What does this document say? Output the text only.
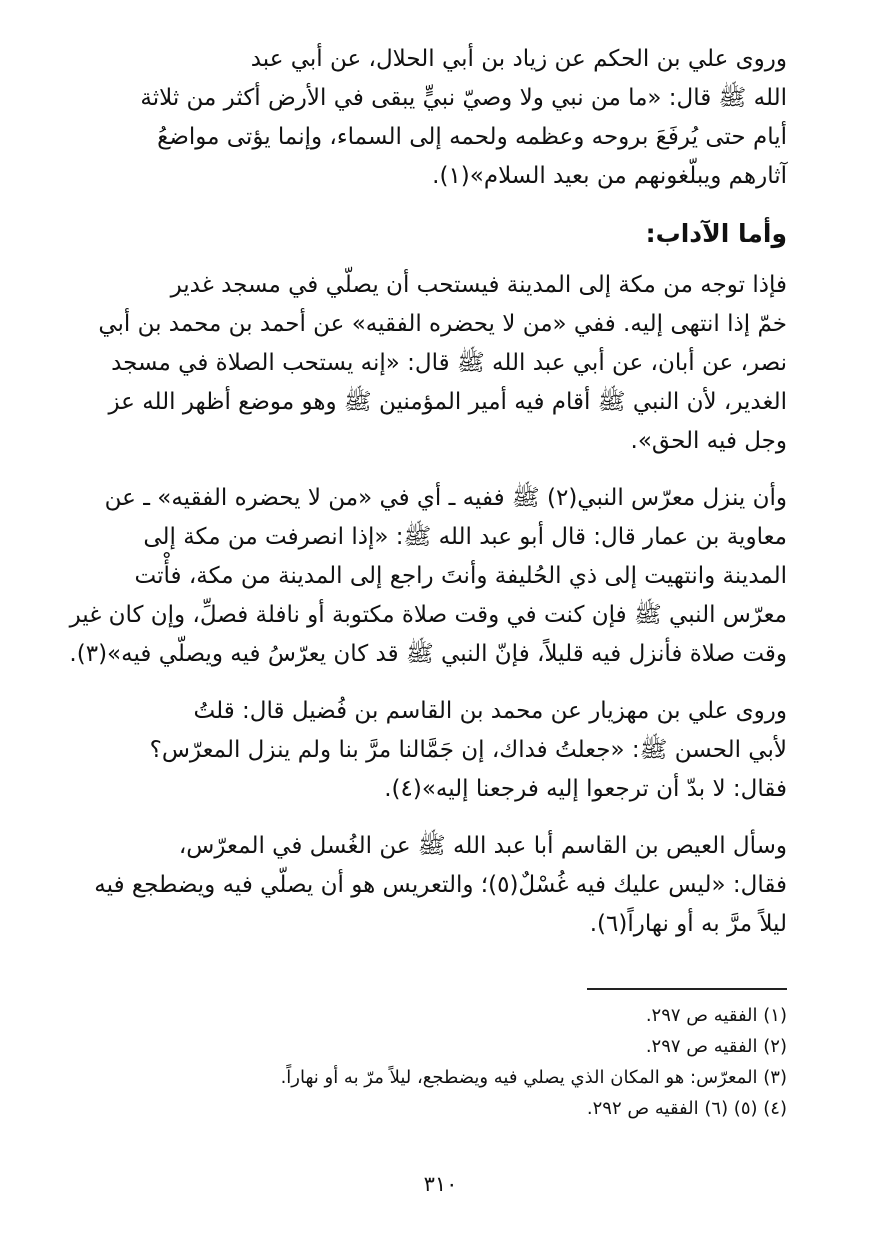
وروى علي بن الحكم عن زياد بن أبي الحلال، عن أبي عبد
الله ﷺ قال: «ما من نبي ولا وصيّ نبيٍّ يبقى في الأرض أكثر من ثلاثة
أيام حتى يُرفَعَ بروحه وعظمه ولحمه إلى السماء، وإنما يؤتى مواضعُ
آثارهم ويبلّغونهم من بعيد السلام»(١).

وأما الآداب:

فإذا توجه من مكة إلى المدينة فيستحب أن يصلّي في مسجد غدير
خمّ إذا انتهى إليه. ففي «من لا يحضره الفقيه» عن أحمد بن محمد بن أبي
نصر، عن أبان، عن أبي عبد الله ﷺ قال: «إنه يستحب الصلاة في مسجد
الغدير، لأن النبي ﷺ أقام فيه أمير المؤمنين ﷺ وهو موضع أظهر الله عز
وجل فيه الحق».

وأن ينزل معرّس النبي(٢) ﷺ ففيه ـ أي في «من لا يحضره الفقيه» ـ عن
معاوية بن عمار قال: قال أبو عبد الله ﷺ: «إذا انصرفت من مكة إلى
المدينة وانتهيت إلى ذي الحُليفة وأنتَ راجع إلى المدينة من مكة، فأْتت
معرّس النبي ﷺ فإن كنت في وقت صلاة مكتوبة أو نافلة فصلِّ، وإن كان غير
وقت صلاة فأنزل فيه قليلاً، فإنّ النبي ﷺ قد كان يعرّسُ فيه ويصلّي فيه»(٣).

وروى علي بن مهزيار عن محمد بن القاسم بن فُضيل قال: قلتُ
لأبي الحسن ﷺ: «جعلتُ فداك، إن جَمَّالنا مرَّ بنا ولم ينزل المعرّس؟
فقال: لا بدّ أن ترجعوا إليه فرجعنا إليه»(٤).

وسأل العيص بن القاسم أبا عبد الله ﷺ عن الغُسل في المعرّس،
فقال: «ليس عليك فيه غُسْلٌ(٥)؛ والتعريس هو أن يصلّي فيه ويضطجع فيه
ليلاً مرَّ به أو نهاراً(٦).

(١) الفقيه ص ٢٩٧.
(٢) الفقيه ص ٢٩٧.
(٣) المعرّس: هو المكان الذي يصلي فيه ويضطجع، ليلاً مرّ به أو نهاراً.
(٤) (٥) (٦) الفقيه ص ٢٩٢.
٣١٠
